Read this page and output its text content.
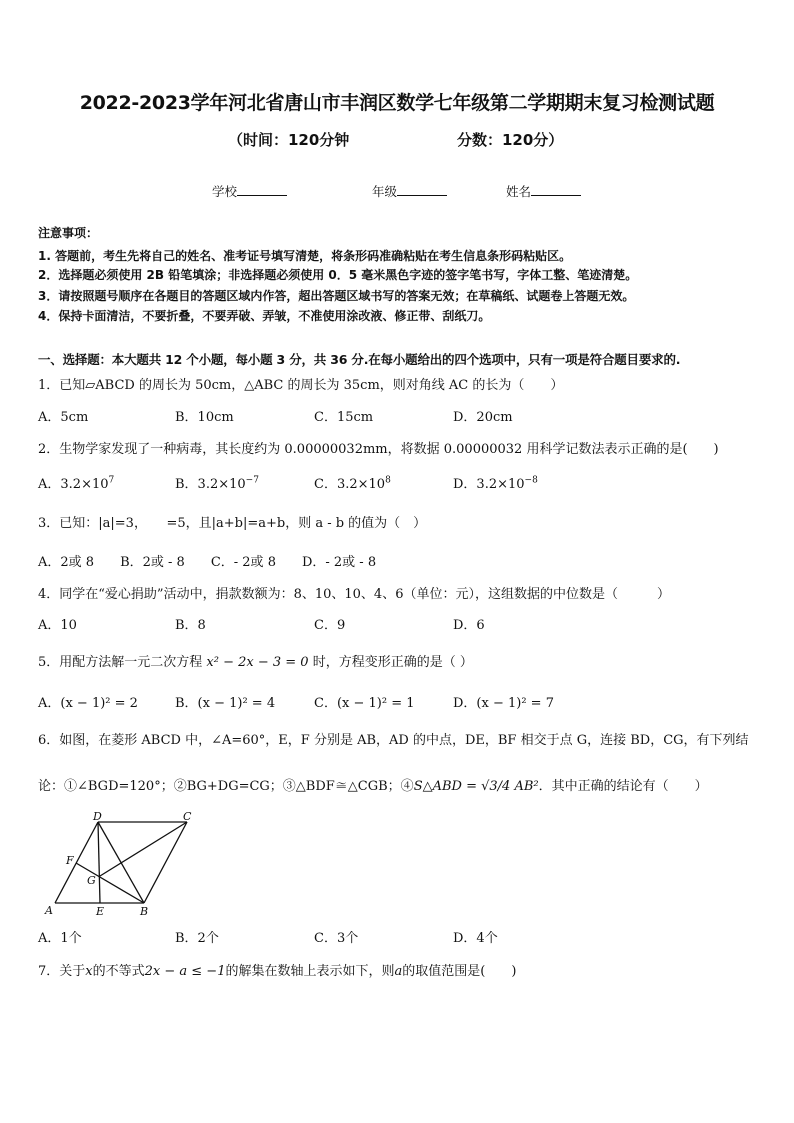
2022-2023学年河北省唐山市丰润区数学七年级第二学期期末复习检测试题
（时间：120分钟	分数：120分）
学校	年级	姓名
注意事项：
1. 答题前，考生先将自己的姓名、准考证号填写清楚，将条形码准确粘贴在考生信息条形码粘贴区。
2．选择题必须使用 2B 铅笔填涂；非选择题必须使用 0．5 毫米黑色字迹的签字笔书写，字体工整、笔迹清楚。
3．请按照题号顺序在各题目的答题区域内作答，超出答题区域书写的答案无效；在草稿纸、试题卷上答题无效。
4．保持卡面清洁，不要折叠，不要弄破、弄皱，不准使用涂改液、修正带、刮纸刀。
一、选择题：本大题共 12 个小题，每小题 3 分，共 36 分.在每小题给出的四个选项中，只有一项是符合题目要求的.
1．已知▱ABCD 的周长为 50cm，△ABC 的周长为 35cm，则对角线 AC 的长为（　　）
A．5cm	B．10cm	C．15cm	D．20cm
2．生物学家发现了一种病毒，其长度约为 0.00000032mm，将数据 0.00000032 用科学记数法表示正确的是(　　)
A．$3.2\times 10^7$	B．$3.2\times 10^{-7}$	C．$3.2\times 10^8$	D．$3.2\times 10^{-8}$
3．已知：|a|=3，　　=5，且|a+b|=a+b，则 a - b 的值为（　）
A．2或 8　　B．2或 - 8　　C．- 2或 8　　D．- 2或 - 8
4．同学在“爱心捐助”活动中，捐款数额为：8、10、10、4、6（单位：元），这组数据的中位数是（　　　）
A．10	B．8	C．9	D．6
5．用配方法解一元二次方程 x² − 2x − 3 = 0 时，方程变形正确的是（ ）
A．(x − 1)² = 2	B．(x − 1)² = 4	C．(x − 1)² = 1	D．(x − 1)² = 7
6．如图，在菱形 ABCD 中，∠A=60°，E，F 分别是 AB，AD 的中点，DE，BF 相交于点 G，连接 BD，CG，有下列结
论：①∠BGD=120°；②BG+DG=CG；③△BDF≅△CGB；④S△ABD = √3/4 AB²．其中正确的结论有（　　）
A	B
C
D
E
F
G
A．1个	B．2个	C．3个	D．4个
7．关于x的不等式2x − a ≤ −1的解集在数轴上表示如下，则a的取值范围是(　　)
